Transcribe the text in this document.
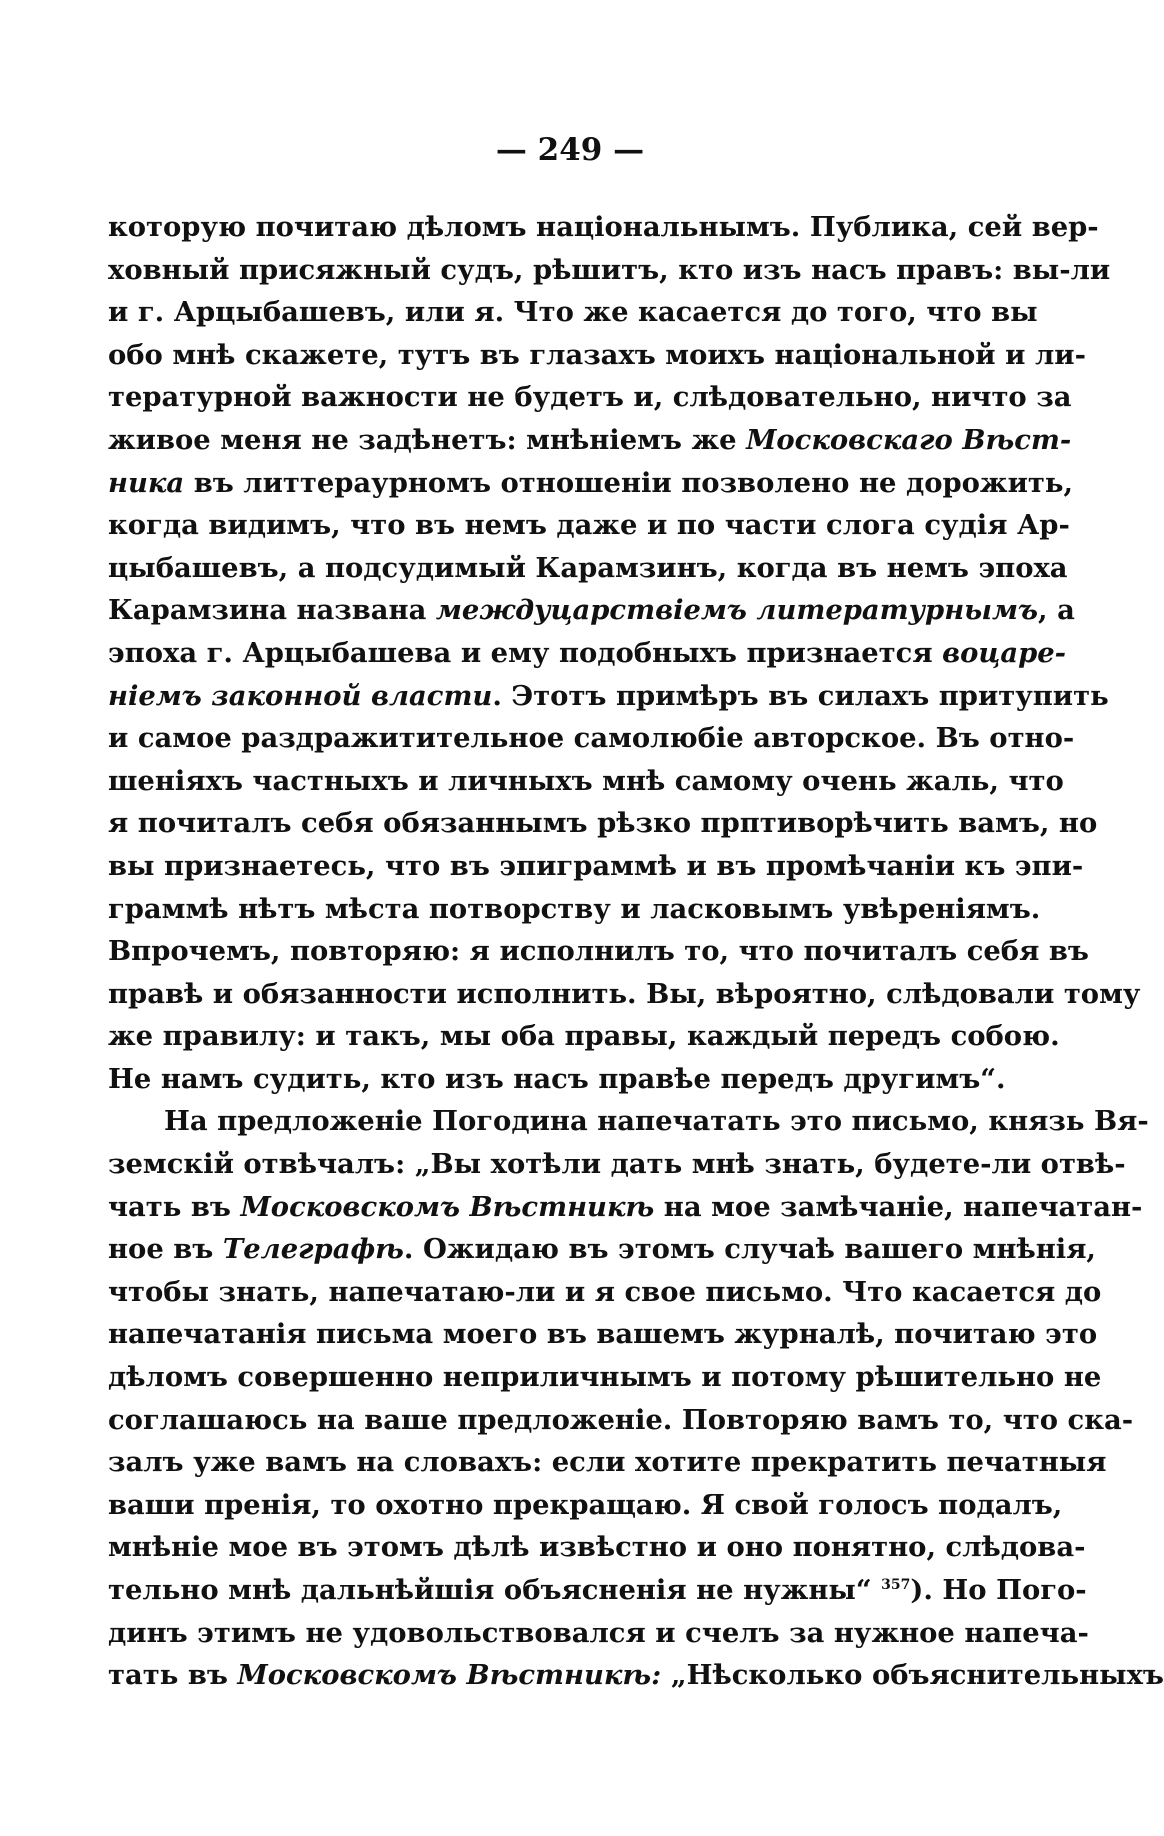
— 249 —
которую почитаю дѣломъ національнымъ. Публика, сей вер-
ховный присяжный судъ, рѣшитъ, кто изъ насъ правъ: вы-ли
и г. Арцыбашевъ, или я. Что же касается до того, что вы
обо мнѣ скажете, тутъ въ глазахъ моихъ національной и ли-
тературной важности не будетъ и, слѣдовательно, ничто за
живое меня не задѣнетъ: мнѣніемъ же Московскаго Вѣст-
ника въ литтераурномъ отношеніи позволено не дорожить,
когда видимъ, что въ немъ даже и по части слога судія Ар-
цыбашевъ, а подсудимый Карамзинъ, когда въ немъ эпоха
Карамзина названа междуцарствіемъ литературнымъ, а
эпоха г. Арцыбашева и ему подобныхъ признается воцаре-
ніемъ законной власти. Этотъ примѣръ въ силахъ притупить
и самое раздражитительное самолюбіе авторское. Въ отно-
шеніяхъ частныхъ и личныхъ мнѣ самому очень жаль, что
я почиталъ себя обязаннымъ рѣзко прптиворѣчить вамъ, но
вы признаетесь, что въ эпиграммѣ и въ промѣчаніи къ эпи-
граммѣ нѣтъ мѣста потворству и ласковымъ увѣреніямъ.
Впрочемъ, повторяю: я исполнилъ то, что почиталъ себя въ
правѣ и обязанности исполнить. Вы, вѣроятно, слѣдовали тому
же правилу: и такъ, мы оба правы, каждый передъ собою.
Не намъ судить, кто изъ насъ правѣе передъ другимъ“.
На предложеніе Погодина напечатать это письмо, князь Вя-
земскій отвѣчалъ: „Вы хотѣли дать мнѣ знать, будете-ли отвѣ-
чать въ Московскомъ Вѣстникѣ на мое замѣчаніе, напечатан-
ное въ Телеграфѣ. Ожидаю въ этомъ случаѣ вашего мнѣнія,
чтобы знать, напечатаю-ли и я свое письмо. Что касается до
напечатанія письма моего въ вашемъ журналѣ, почитаю это
дѣломъ совершенно неприличнымъ и потому рѣшительно не
соглашаюсь на ваше предложеніе. Повторяю вамъ то, что ска-
залъ уже вамъ на словахъ: если хотите прекратить печатныя
ваши пренія, то охотно прекращаю. Я свой голосъ подалъ,
мнѣніе мое въ этомъ дѣлѣ извѣстно и оно понятно, слѣдова-
тельно мнѣ дальнѣйшія объясненія не нужны“ $^{357}$). Но Пого-
динъ этимъ не удовольствовался и счелъ за нужное напеча-
тать въ Московскомъ Вѣстникѣ: „Нѣсколько объяснительныхъ
